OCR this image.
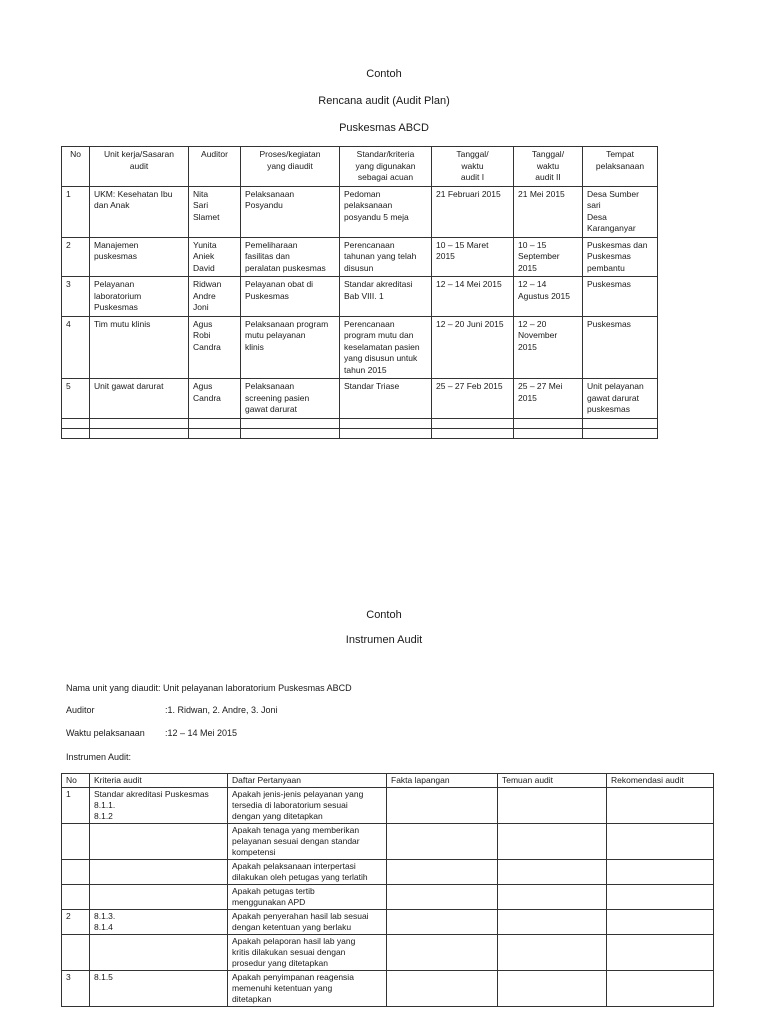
Contoh
Rencana audit (Audit Plan)
Puskesmas ABCD
No	Unit kerja/Sasaran
audit	Auditor	Proses/kegiatan
yang diaudit	Standar/kriteria
yang digunakan
sebagai acuan	Tanggal/
waktu
audit I	Tanggal/
waktu
audit II	Tempat
pelaksanaan
1	UKM: Kesehatan Ibu
dan Anak	Nita
Sari
Slamet	Pelaksanaan
Posyandu	Pedoman
pelaksanaan
posyandu 5 meja	21 Februari 2015	21 Mei 2015	Desa Sumber
sari
Desa
Karanganyar
2	Manajemen
puskesmas	Yunita
Aniek
David	Pemeliharaan
fasilitas dan
peralatan puskesmas	Perencanaan
tahunan yang telah
disusun	10 – 15 Maret
2015	10 – 15
September
2015	Puskesmas dan
Puskesmas
pembantu
3	Pelayanan
laboratorium
Puskesmas	Ridwan
Andre
Joni	Pelayanan obat di
Puskesmas	Standar akreditasi
Bab VIII. 1	12 – 14 Mei 2015	12 – 14
Agustus 2015	Puskesmas
4	Tim mutu klinis	Agus
Robi
Candra	Pelaksanaan program
mutu pelayanan
klinis	Perencanaan
program mutu dan
keselamatan pasien
yang disusun untuk
tahun 2015	12 – 20 Juni 2015	12 – 20
November
2015	Puskesmas
5	Unit gawat darurat	Agus
Candra	Pelaksanaan
screening pasien
gawat darurat	Standar Triase	25 – 27 Feb 2015	25 – 27 Mei
2015	Unit pelayanan
gawat darurat
puskesmas

Contoh
Instrumen Audit
Nama unit yang diaudit: Unit pelayanan laboratorium Puskesmas ABCD
Auditor	:1. Ridwan, 2. Andre, 3. Joni
Waktu pelaksanaan :12 – 14 Mei 2015
Instrumen Audit:
No	Kriteria audit	Daftar Pertanyaan	Fakta lapangan	Temuan audit	Rekomendasi audit
1	Standar akreditasi Puskesmas
8.1.1.
8.1.2	Apakah jenis-jenis pelayanan yang
tersedia di laboratorium sesuai
dengan yang ditetapkan			
		Apakah tenaga yang memberikan
pelayanan sesuai dengan standar
kompetensi			
		Apakah pelaksanaan interpertasi
dilakukan oleh petugas yang terlatih			
		Apakah petugas tertib
menggunakan APD			
2	8.1.3.
8.1.4	Apakah penyerahan hasil lab sesuai
dengan ketentuan yang berlaku			
		Apakah pelaporan hasil lab yang
kritis dilakukan sesuai dengan
prosedur yang ditetapkan			
3	8.1.5	Apakah penyimpanan reagensia
memenuhi ketentuan yang
ditetapkan			
